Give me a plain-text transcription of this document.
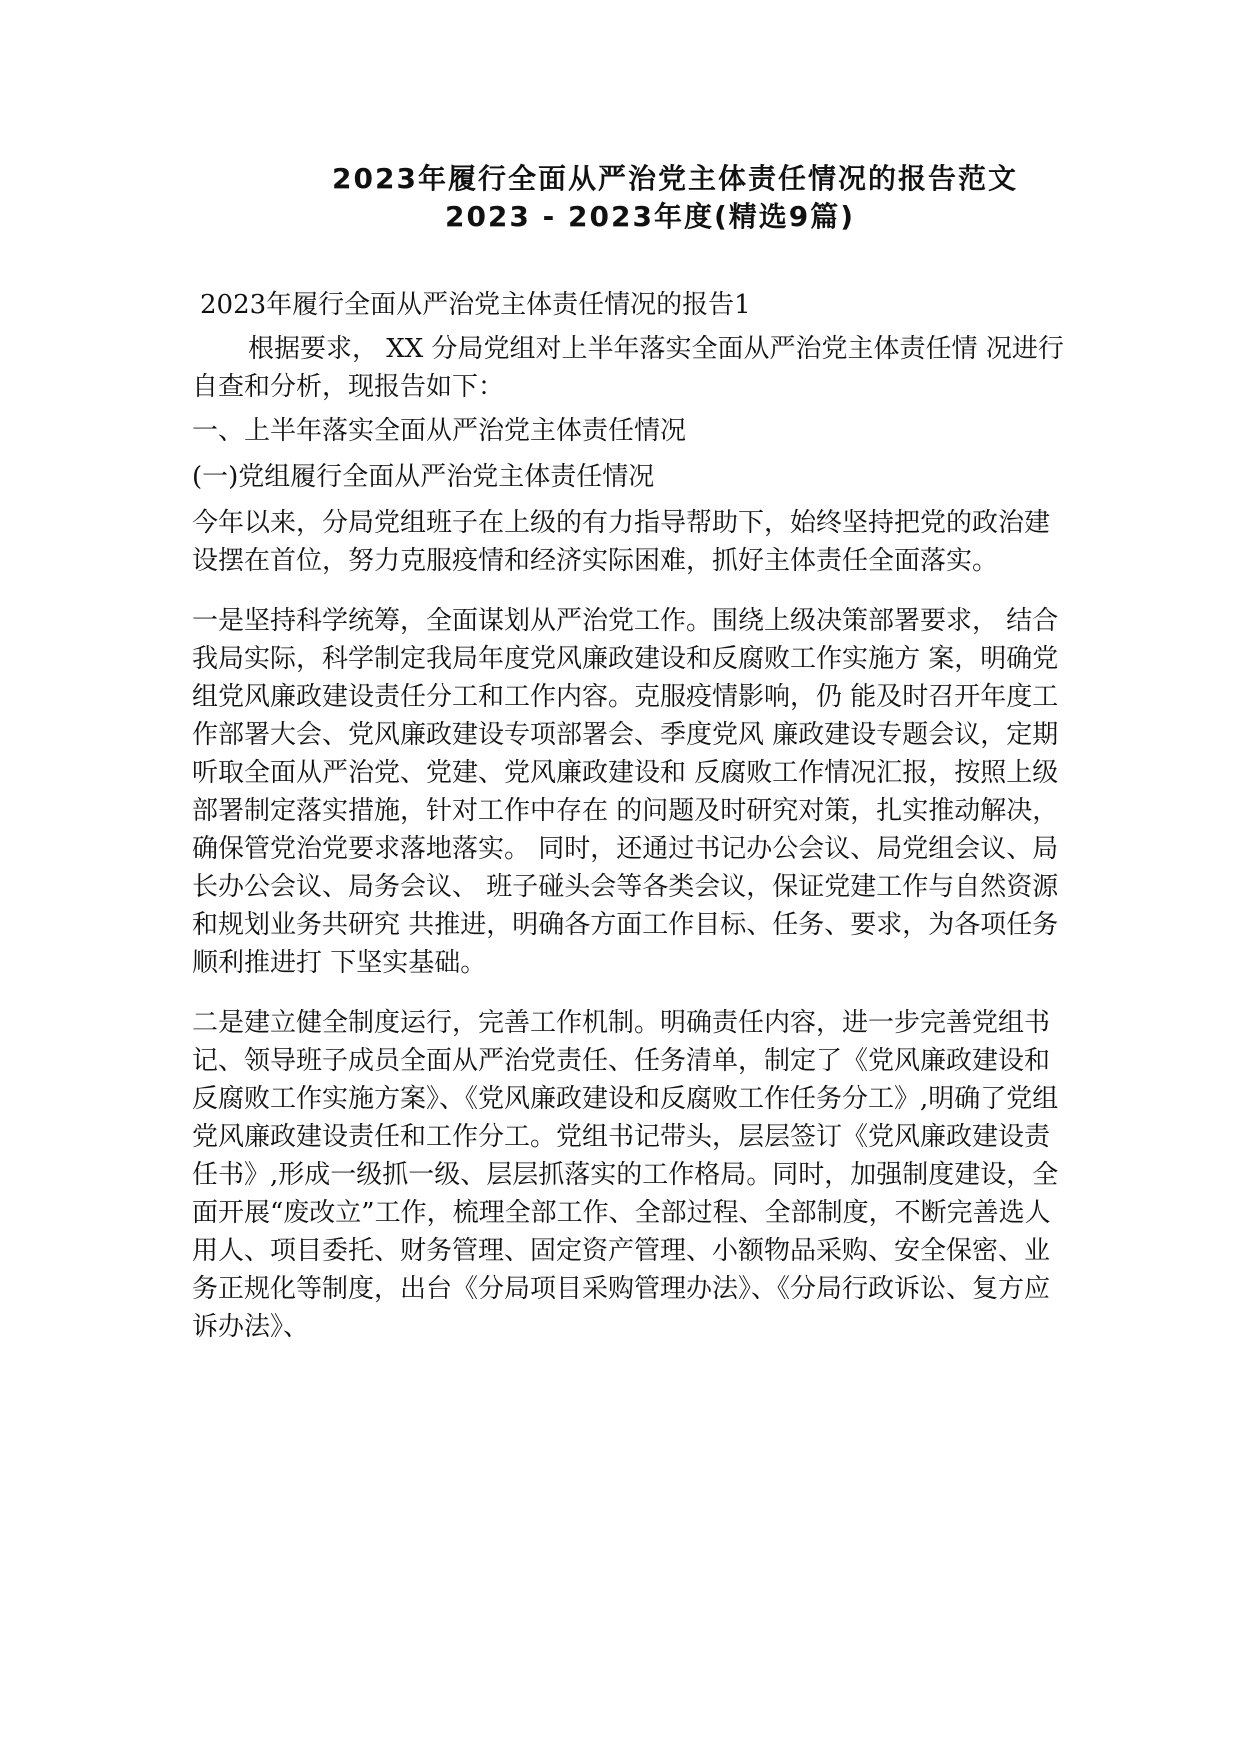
2023年履行全面从严治党主体责任情况的报告范文

2023 - 2023年度(精选9篇)

2023年履行全面从严治党主体责任情况的报告1

根据要求， XX 分局党组对上半年落实全面从严治党主体责任情 况进行自查和分析，现报告如下：

一、上半年落实全面从严治党主体责任情况

(一)党组履行全面从严治党主体责任情况

今年以来，分局党组班子在上级的有力指导帮助下，始终坚持把党的政治建设摆在首位，努力克服疫情和经济实际困难，抓好主体责任全面落实。

一是坚持科学统筹，全面谋划从严治党工作。围绕上级决策部署要求， 结合我局实际，科学制定我局年度党风廉政建设和反腐败工作实施方 案，明确党组党风廉政建设责任分工和工作内容。克服疫情影响，仍 能及时召开年度工作部署大会、党风廉政建设专项部署会、季度党风 廉政建设专题会议，定期听取全面从严治党、党建、党风廉政建设和 反腐败工作情况汇报，按照上级部署制定落实措施，针对工作中存在 的问题及时研究对策，扎实推动解决，确保管党治党要求落地落实。 同时，还通过书记办公会议、局党组会议、局长办公会议、局务会议、 班子碰头会等各类会议，保证党建工作与自然资源和规划业务共研究 共推进，明确各方面工作目标、任务、要求，为各项任务顺利推进打 下坚实基础。

二是建立健全制度运行，完善工作机制。明确责任内容，进一步完善党组书记、领导班子成员全面从严治党责任、任务清单，制定了《党风廉政建设和反腐败工作实施方案》、《党风廉政建设和反腐败工作任务分工》,明确了党组党风廉政建设责任和工作分工。党组书记带头，层层签订《党风廉政建设责任书》,形成一级抓一级、层层抓落实的工作格局。同时，加强制度建设，全面开展“废改立”工作，梳理全部工作、全部过程、全部制度，不断完善选人用人、项目委托、财务管理、固定资产管理、小额物品采购、安全保密、业务正规化等制度，出台《分局项目采购管理办法》、《分局行政诉讼、复方应诉办法》、
